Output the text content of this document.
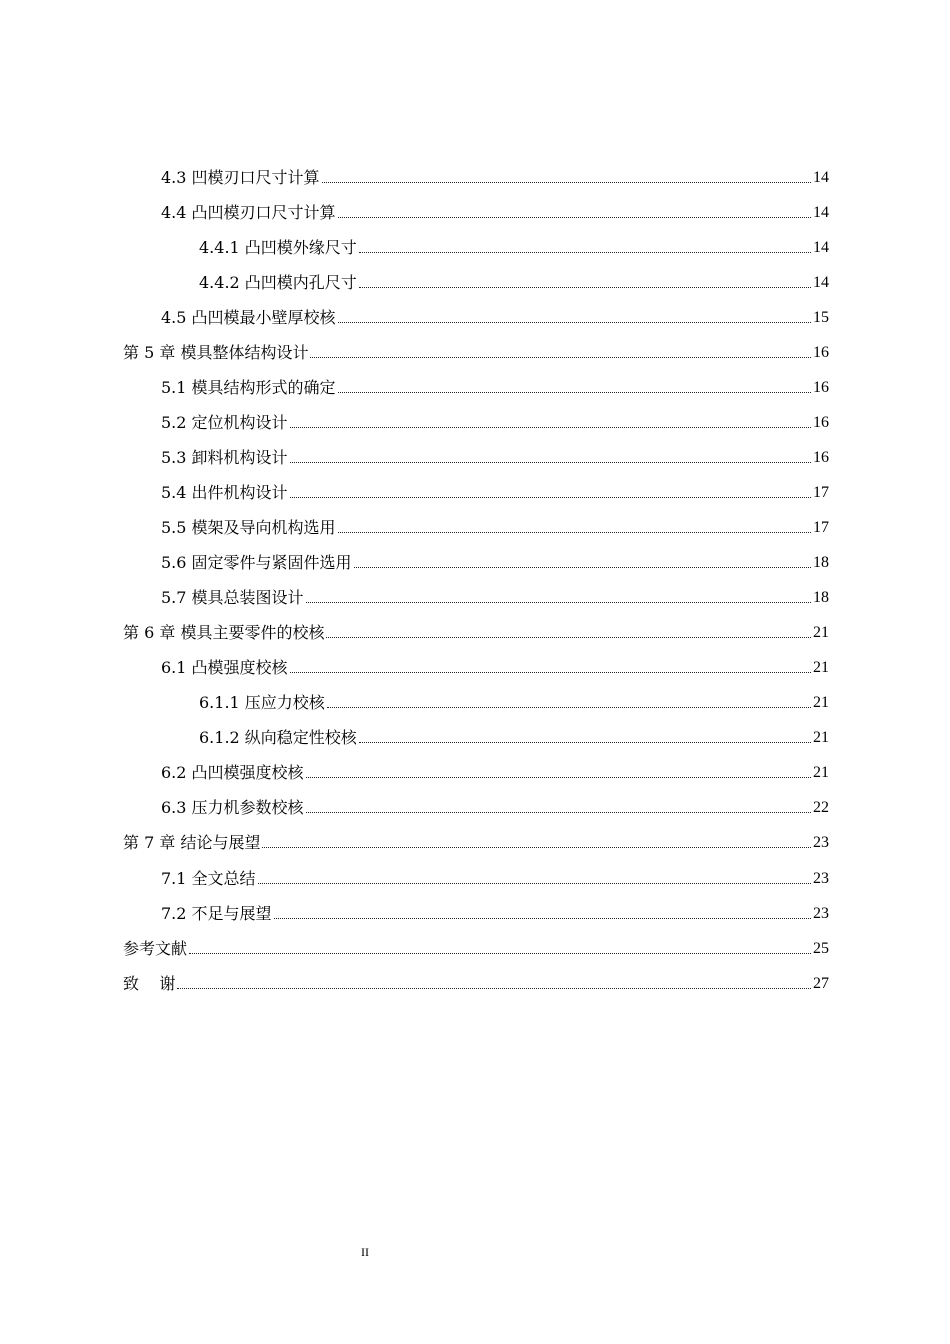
4.3 凹模刃口尺寸计算	14
4.4 凸凹模刃口尺寸计算	14
4.4.1 凸凹模外缘尺寸	14
4.4.2 凸凹模内孔尺寸	14
4.5 凸凹模最小壁厚校核	15
第 5 章 模具整体结构设计	16
5.1 模具结构形式的确定	16
5.2 定位机构设计	16
5.3 卸料机构设计	16
5.4 出件机构设计	17
5.5 模架及导向机构选用	17
5.6 固定零件与紧固件选用	18
5.7 模具总装图设计	18
第 6 章 模具主要零件的校核	21
6.1 凸模强度校核	21
6.1.1 压应力校核	21
6.1.2 纵向稳定性校核	21
6.2 凸凹模强度校核	21
6.3 压力机参数校核	22
第 7 章 结论与展望	23
7.1 全文总结	23
7.2 不足与展望	23
参考文献	25
致    谢	27
II
